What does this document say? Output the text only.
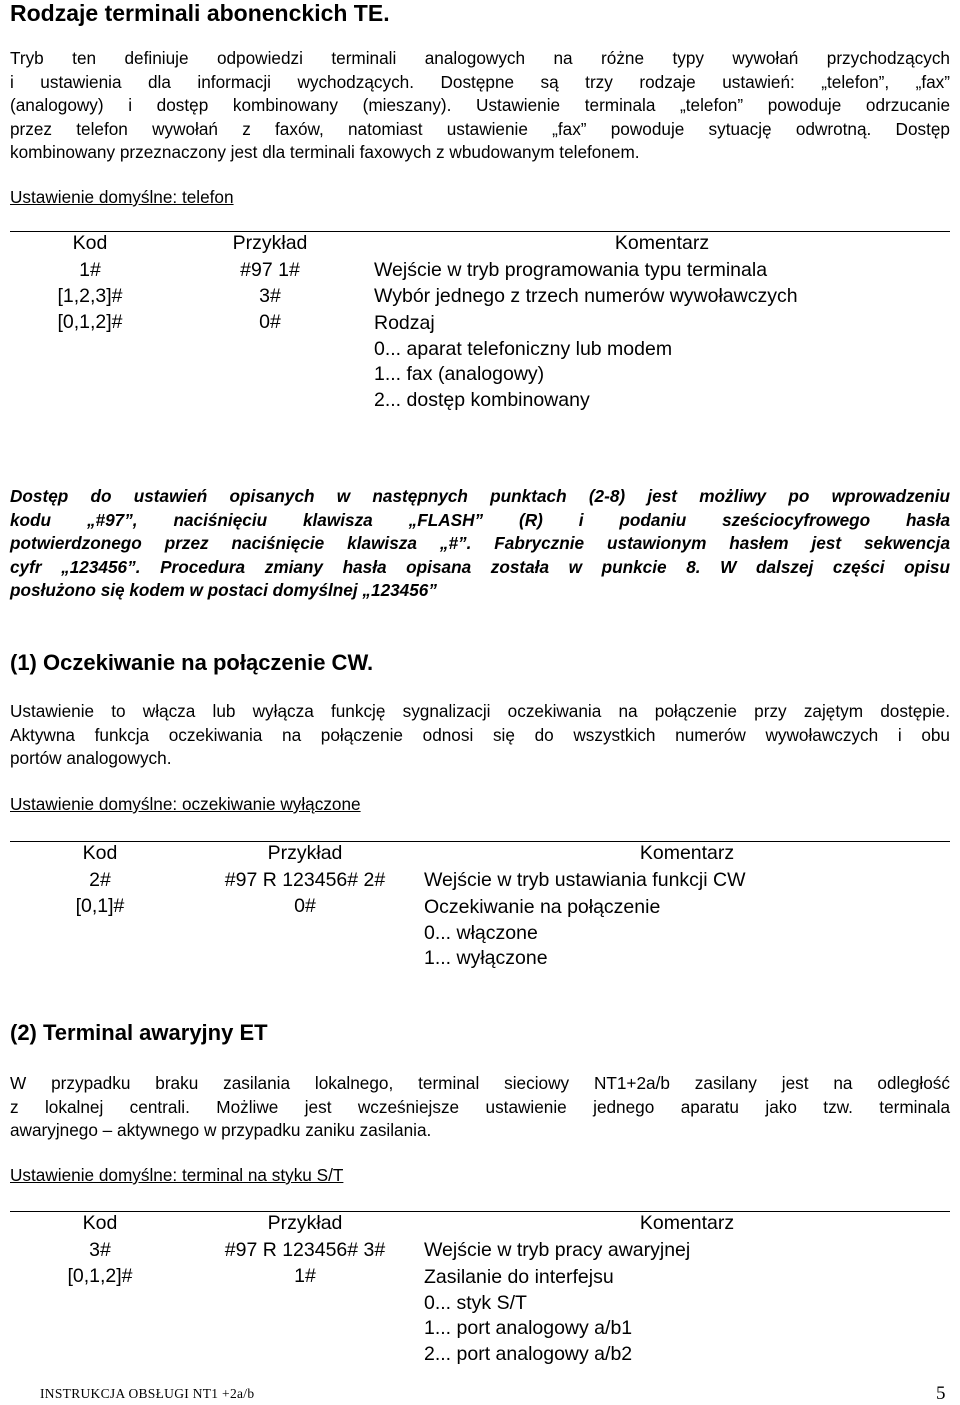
Rodzaje terminali abonenckich TE.
Tryb ten definiuje odpowiedzi terminali analogowych na różne typy wywołań przychodzących
i ustawienia dla informacji wychodzących. Dostępne są trzy rodzaje ustawień: „telefon”, „fax”
(analogowy) i dostęp kombinowany (mieszany). Ustawienie terminala „telefon” powoduje odrzucanie
przez telefon wywołań z faxów, natomiast ustawienie „fax” powoduje sytuację odwrotną. Dostęp
kombinowany przeznaczony jest dla terminali faxowych z wbudowanym telefonem.

Ustawienie domyślne: telefon

Kod	Przykład	Komentarz
1#	#97 1#	Wejście w tryb programowania typu terminala
[1,2,3]#	3#	Wybór jednego z trzech numerów wywoławczych
[0,1,2]#	0#	Rodzaj
0... aparat telefoniczny lub modem
1... fax (analogowy)
2... dostęp kombinowany
Dostęp do ustawień opisanych w następnych punktach (2-8) jest możliwy po wprowadzeniu
kodu „#97”, naciśnięciu klawisza „FLASH” (R) i podaniu sześciocyfrowego hasła
potwierdzonego przez naciśnięcie klawisza „#”. Fabrycznie ustawionym hasłem jest sekwencja
cyfr „123456”. Procedura zmiany hasła opisana została w punkcie 8. W dalszej części opisu
posłużono się kodem w postaci domyślnej „123456”
(1) Oczekiwanie na połączenie CW.
Ustawienie to włącza lub wyłącza funkcję sygnalizacji oczekiwania na połączenie przy zajętym dostępie.
Aktywna funkcja oczekiwania na połączenie odnosi się do wszystkich numerów wywoławczych i obu
portów analogowych.

Ustawienie domyślne: oczekiwanie wyłączone

Kod	Przykład	Komentarz
2#	#97 R 123456# 2#	Wejście w tryb ustawiania funkcji CW
[0,1]#	0#	Oczekiwanie na połączenie
0... włączone
1... wyłączone
(2) Terminal awaryjny ET
W przypadku braku zasilania lokalnego, terminal sieciowy NT1+2a/b zasilany jest na odległość
z lokalnej centrali. Możliwe jest wcześniejsze ustawienie jednego aparatu jako tzw. terminala
awaryjnego – aktywnego w przypadku zaniku zasilania.

Ustawienie domyślne: terminal na styku S/T

Kod	Przykład	Komentarz
3#	#97 R 123456# 3#	Wejście w tryb pracy awaryjnej
[0,1,2]#	1#	Zasilanie do interfejsu
0... styk S/T
1... port analogowy a/b1
2... port analogowy a/b2

INSTRUKCJA OBSŁUGI NT1 +2a/b	5
